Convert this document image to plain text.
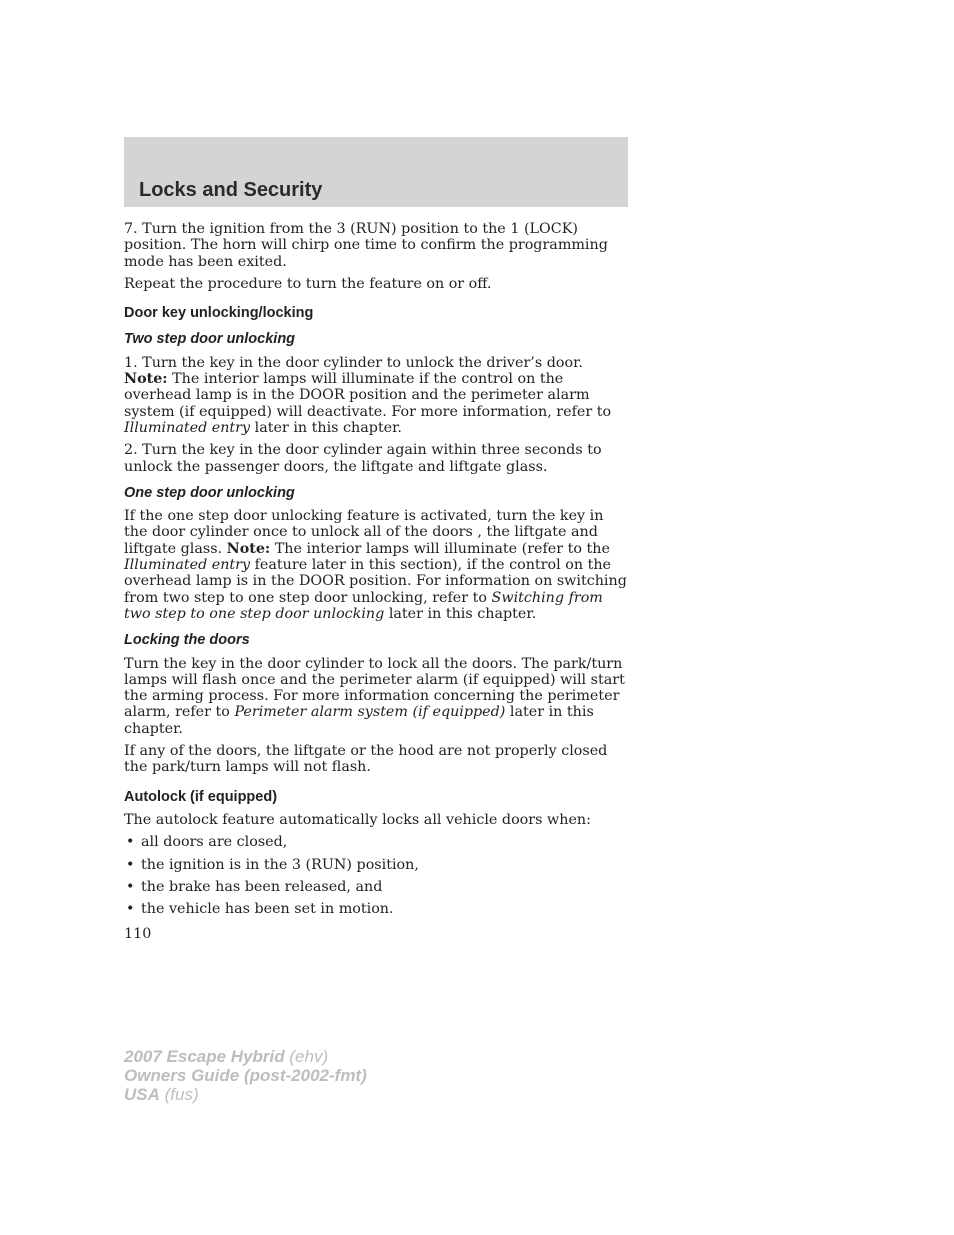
Locks and Security

7. Turn the ignition from the 3 (RUN) position to the 1 (LOCK) position. The horn will chirp one time to confirm the programming mode has been exited.

Repeat the procedure to turn the feature on or off.

Door key unlocking/locking
Two step door unlocking

1. Turn the key in the door cylinder to unlock the driver’s door. Note: The interior lamps will illuminate if the control on the overhead lamp is in the DOOR position and the perimeter alarm system (if equipped) will deactivate. For more information, refer to Illuminated entry later in this chapter.

2. Turn the key in the door cylinder again within three seconds to unlock the passenger doors, the liftgate and liftgate glass.

One step door unlocking

If the one step door unlocking feature is activated, turn the key in the door cylinder once to unlock all of the doors , the liftgate and liftgate glass. Note: The interior lamps will illuminate (refer to the Illuminated entry feature later in this section), if the control on the overhead lamp is in the DOOR position. For information on switching from two step to one step door unlocking, refer to Switching from two step to one step door unlocking later in this chapter.

Locking the doors

Turn the key in the door cylinder to lock all the doors. The park/turn lamps will flash once and the perimeter alarm (if equipped) will start the arming process. For more information concerning the perimeter alarm, refer to Perimeter alarm system (if equipped) later in this chapter.

If any of the doors, the liftgate or the hood are not properly closed the park/turn lamps will not flash.

Autolock (if equipped)

The autolock feature automatically locks all vehicle doors when:

• all doors are closed,
• the ignition is in the 3 (RUN) position,
• the brake has been released, and
• the vehicle has been set in motion.
110
2007 Escape Hybrid (ehv)
Owners Guide (post-2002-fmt)
USA (fus)
